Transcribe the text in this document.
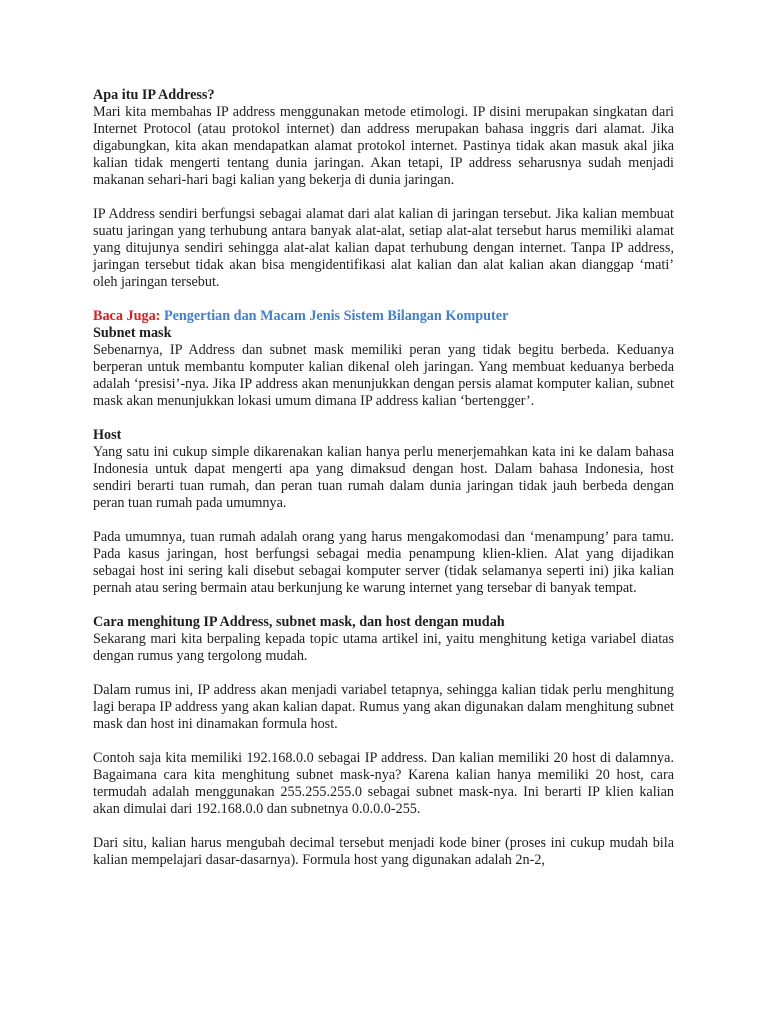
Apa itu IP Address?

Mari kita membahas IP address menggunakan metode etimologi. IP disini merupakan singkatan dari Internet Protocol (atau protokol internet) dan address merupakan bahasa inggris dari alamat. Jika digabungkan, kita akan mendapatkan alamat protokol internet. Pastinya tidak akan masuk akal jika kalian tidak mengerti tentang dunia jaringan. Akan tetapi, IP address seharusnya sudah menjadi makanan sehari-hari bagi kalian yang bekerja di dunia jaringan.

IP Address sendiri berfungsi sebagai alamat dari alat kalian di jaringan tersebut. Jika kalian membuat suatu jaringan yang terhubung antara banyak alat-alat, setiap alat-alat tersebut harus memiliki alamat yang ditujunya sendiri sehingga alat-alat kalian dapat terhubung dengan internet. Tanpa IP address, jaringan tersebut tidak akan bisa mengidentifikasi alat kalian dan alat kalian akan dianggap ‘mati’ oleh jaringan tersebut.

Baca Juga: Pengertian dan Macam Jenis Sistem Bilangan Komputer

Subnet mask

Sebenarnya, IP Address dan subnet mask memiliki peran yang tidak begitu berbeda. Keduanya berperan untuk membantu komputer kalian dikenal oleh jaringan. Yang membuat keduanya berbeda adalah ‘presisi’-nya. Jika IP address akan menunjukkan dengan persis alamat komputer kalian, subnet mask akan menunjukkan lokasi umum dimana IP address kalian ‘bertengger’.

Host

Yang satu ini cukup simple dikarenakan kalian hanya perlu menerjemahkan kata ini ke dalam bahasa Indonesia untuk dapat mengerti apa yang dimaksud dengan host. Dalam bahasa Indonesia, host sendiri berarti tuan rumah, dan peran tuan rumah dalam dunia jaringan tidak jauh berbeda dengan peran tuan rumah pada umumnya.

Pada umumnya, tuan rumah adalah orang yang harus mengakomodasi dan ‘menampung’ para tamu. Pada kasus jaringan, host berfungsi sebagai media penampung klien-klien. Alat yang dijadikan sebagai host ini sering kali disebut sebagai komputer server (tidak selamanya seperti ini) jika kalian pernah atau sering bermain atau berkunjung ke warung internet yang tersebar di banyak tempat.

Cara menghitung IP Address, subnet mask, dan host dengan mudah

Sekarang mari kita berpaling kepada topic utama artikel ini, yaitu menghitung ketiga variabel diatas dengan rumus yang tergolong mudah.

Dalam rumus ini, IP address akan menjadi variabel tetapnya, sehingga kalian tidak perlu menghitung lagi berapa IP address yang akan kalian dapat. Rumus yang akan digunakan dalam menghitung subnet mask dan host ini dinamakan formula host.

Contoh saja kita memiliki 192.168.0.0 sebagai IP address. Dan kalian memiliki 20 host di dalamnya. Bagaimana cara kita menghitung subnet mask-nya? Karena kalian hanya memiliki 20 host, cara termudah adalah menggunakan 255.255.255.0 sebagai subnet mask-nya. Ini berarti IP klien kalian akan dimulai dari 192.168.0.0 dan subnetnya 0.0.0.0-255.

Dari situ, kalian harus mengubah decimal tersebut menjadi kode biner (proses ini cukup mudah bila kalian mempelajari dasar-dasarnya). Formula host yang digunakan adalah 2n-2,
